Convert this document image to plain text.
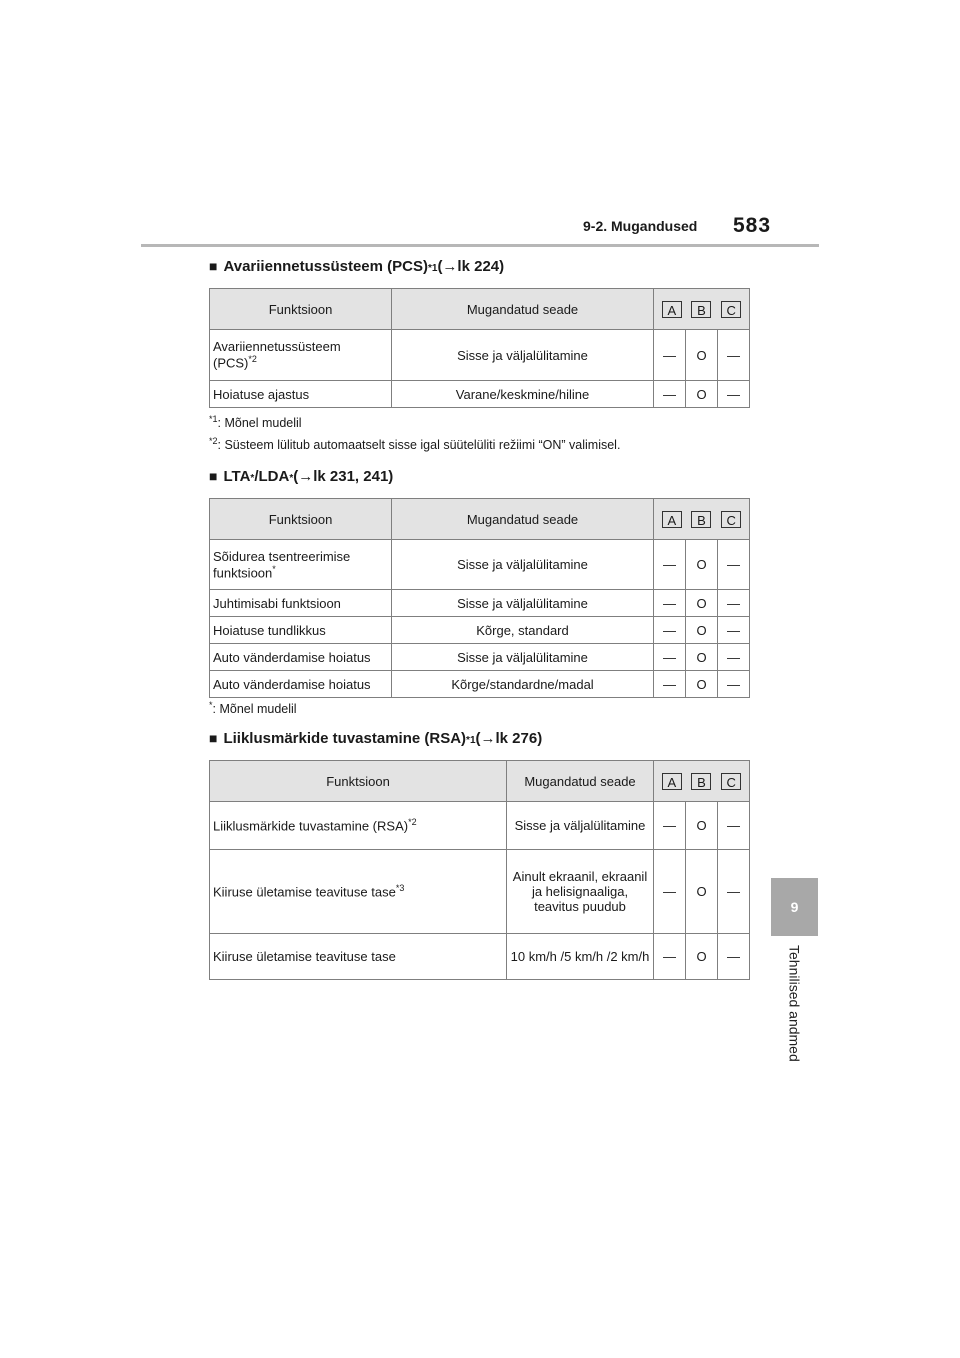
9-2. Mugandused 583
9
Tehnilised andmed
■ Avariiennetussüsteem (PCS) *1 (→lk 224)
Funktsioon	Mugandatud seade	A B C		

Avariiennetussüsteem (PCS)$^{*2}$	Sisse ja väljalülitamine	—	O	—
Hoiatuse ajastus	Varane/keskmine/hiline	—	O	—
$^{*1}$: Mõnel mudelil
$^{*2}$: Süsteem lülitub automaatselt sisse igal süütelüliti režiimi “ON” valimisel.
■ LTA * /LDA * (→lk 231, 241)
Funktsioon	Mugandatud seade	A B C		

Sõidurea tsentreerimise funktsioon*	Sisse ja väljalülitamine	—	O	—
Juhtimisabi funktsioon	Sisse ja väljalülitamine	—	O	—
Hoiatuse tundlikkus	Kõrge, standard	—	O	—
Auto vänderdamise hoiatus	Sisse ja väljalülitamine	—	O	—
Auto vänderdamise hoiatus	Kõrge/standardne/madal	—	O	—
*: Mõnel mudelil
■ Liiklusmärkide tuvastamine (RSA) *1 (→lk 276)
Funktsioon	Mugandatud seade	A B C		

Liiklusmärkide tuvastamine (RSA)$^{*2}$	Sisse ja väljalülitamine	—	O	—
Kiiruse ületamise teavituse tase$^{*3}$	Ainult ekraanil, ekraanil ja helisignaaliga, teavitus puudub	—	O	—
Kiiruse ületamise teavituse tase	10 km/h /5 km/h /2 km/h	—	O	—
